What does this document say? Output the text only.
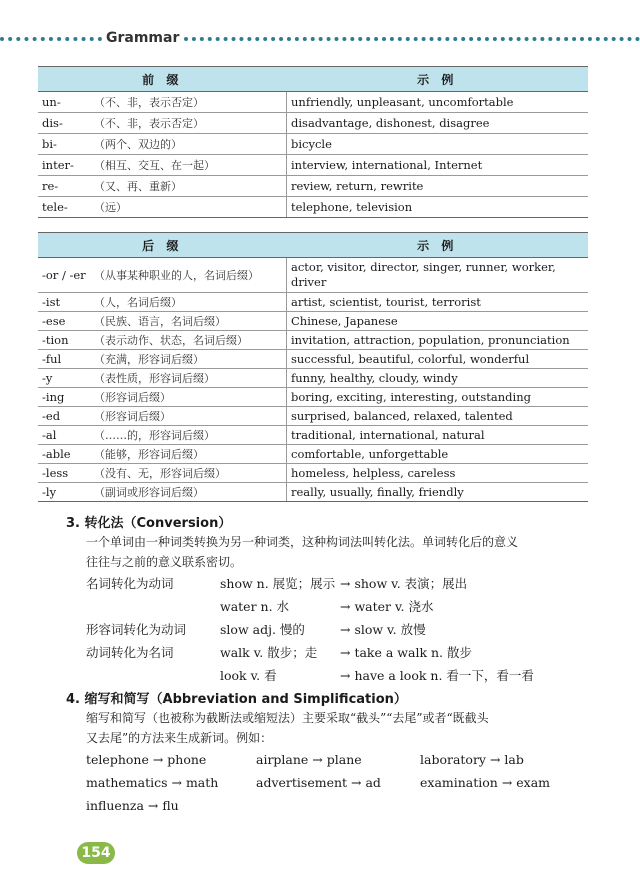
Grammar
前 缀	示 例
un- （不、非，表示否定）	unfriendly, unpleasant, uncomfortable
dis- （不、非，表示否定）	disadvantage, dishonest, disagree
bi- （两个、双边的）	bicycle
inter- （相互、交互、在一起）	interview, international, Internet
re- （又、再、重新）	review, return, rewrite
tele- （远）	telephone, television
后 缀	示 例
-or / -er （从事某种职业的人，名词后缀）	actor, visitor, director, singer, runner, worker, driver
-ist （人，名词后缀）	artist, scientist, tourist, terrorist
-ese （民族、语言，名词后缀）	Chinese, Japanese
-tion （表示动作、状态，名词后缀）	invitation, attraction, population, pronunciation
-ful （充满，形容词后缀）	successful, beautiful, colorful, wonderful
-y （表性质，形容词后缀）	funny, healthy, cloudy, windy
-ing （形容词后缀）	boring, exciting, interesting, outstanding
-ed （形容词后缀）	surprised, balanced, relaxed, talented
-al （……的，形容词后缀）	traditional, international, natural
-able （能够，形容词后缀）	comfortable, unforgettable
-less （没有、无，形容词后缀）	homeless, helpless, careless
-ly （副词或形容词后缀）	really, usually, finally, friendly
3. 转化法（Conversion）
一个单词由一种词类转换为另一种词类，这种构词法叫转化法。单词转化后的意义
往往与之前的意义联系密切。
名词转化为动词	show n. 展览；展示 → show v. 表演；展出
water n. 水	→ water v. 浇水
形容词转化为动词	slow adj. 慢的	→ slow v. 放慢
动词转化为名词	walk v. 散步；走 → take a walk n. 散步
look v. 看	→ have a look n. 看一下，看一看
4. 缩写和简写（Abbreviation and Simplification）
缩写和简写（也被称为截断法或缩短法）主要采取“截头”“去尾”或者“既截头
又去尾”的方法来生成新词。例如：
telephone → phone	airplane → plane	laboratory → lab
mathematics → math	advertisement → ad	examination → exam
influenza → flu
154
